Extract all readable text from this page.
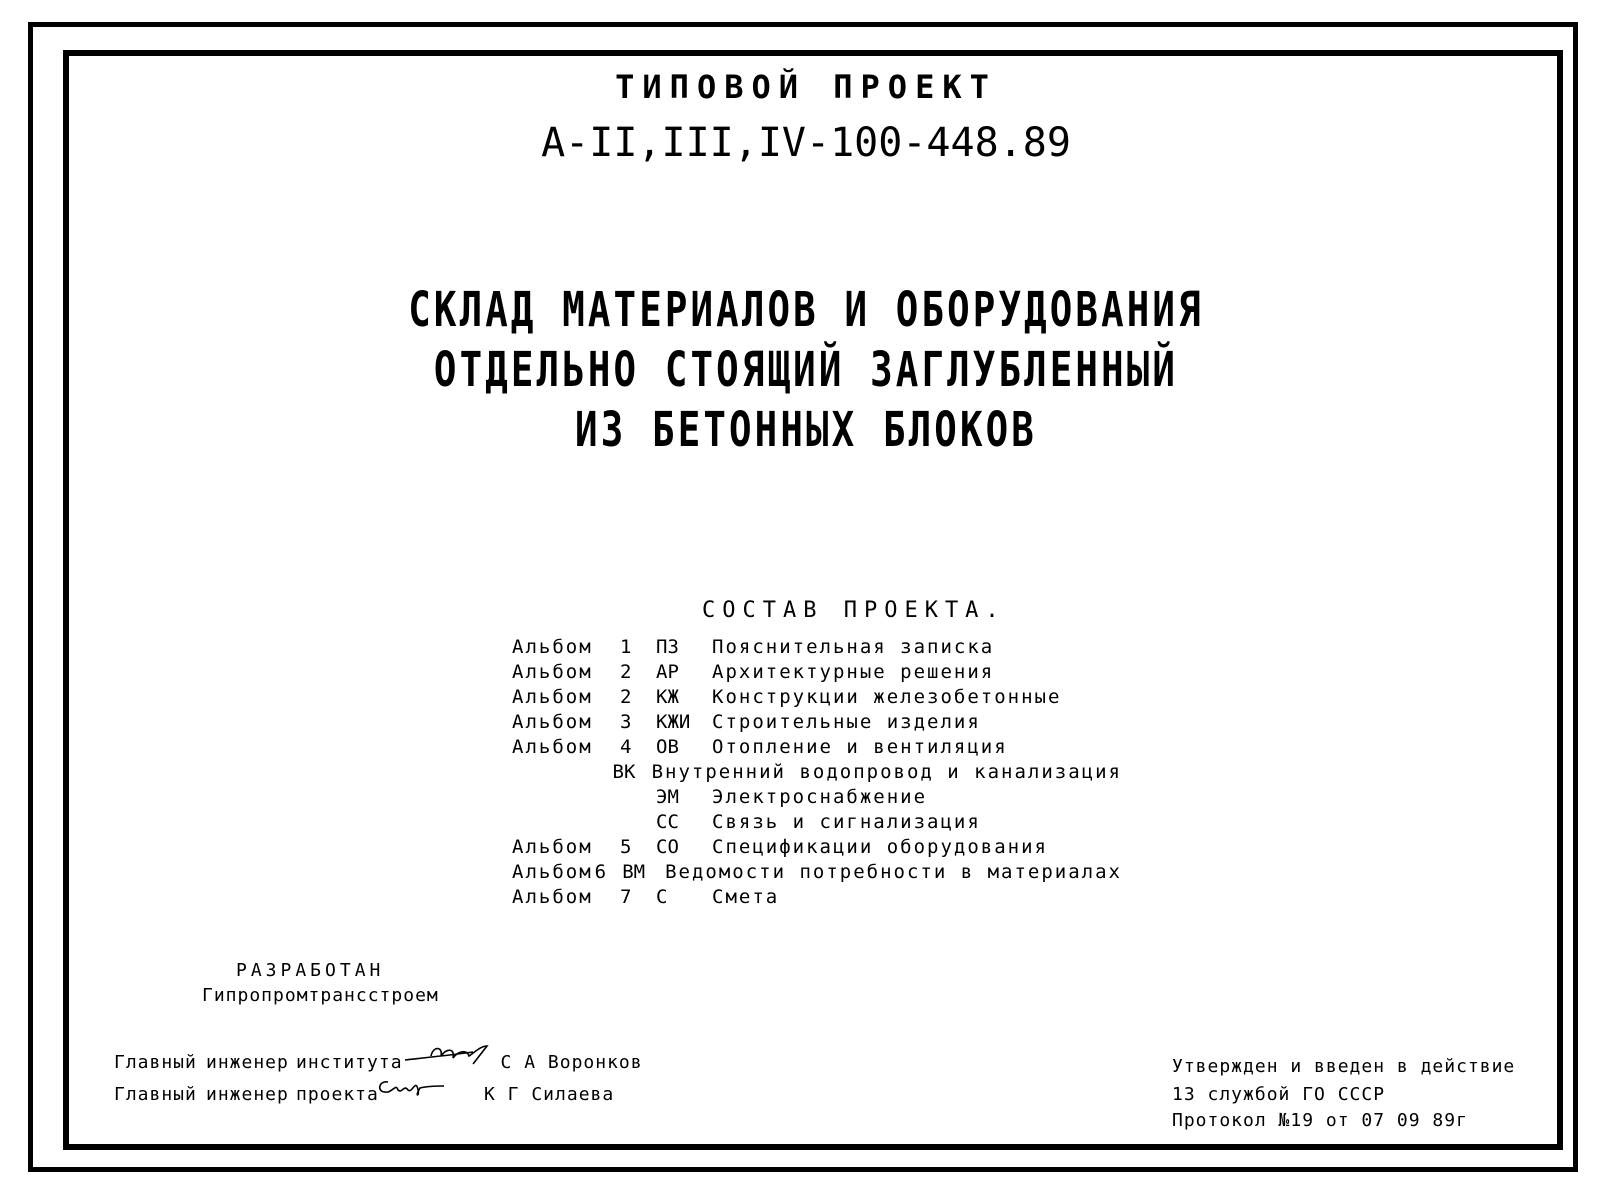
ТИПОВОЙ ПРОЕКТ
А-II,III,IV-100-448.89
СКЛАД МАТЕРИАЛОВ И ОБОРУДОВАНИЯ
ОТДЕЛЬНО СТОЯЩИЙ ЗАГЛУБЛЕННЫЙ
ИЗ БЕТОННЫХ БЛОКОВ
СОСТАВ ПРОЕКТА.
Альбом	1	ПЗ	Пояснительная записка
Альбом	2	АР	Архитектурные решения
Альбом	2	КЖ	Конструкции железобетонные
Альбом	3	КЖИ	Строительные изделия
Альбом	4	ОВ	Отопление и вентиляция
ВК Внутренний водопровод и канализация
ЭМ	Электроснабжение
СС	Связь и сигнализация
Альбом	5	СО	Спецификации оборудования
Альбом 6 ВМ	Ведомости потребности в материалах
Альбом	7	С	Смета
РАЗРАБОТАН
Гипропромтрансстроем
Главный инженер института	С А Воронков
Главный инженер проекта	К Г Силаева
Утвержден и введен в действие
13 службой ГО СССР
Протокол №19 от 07 09 89г
